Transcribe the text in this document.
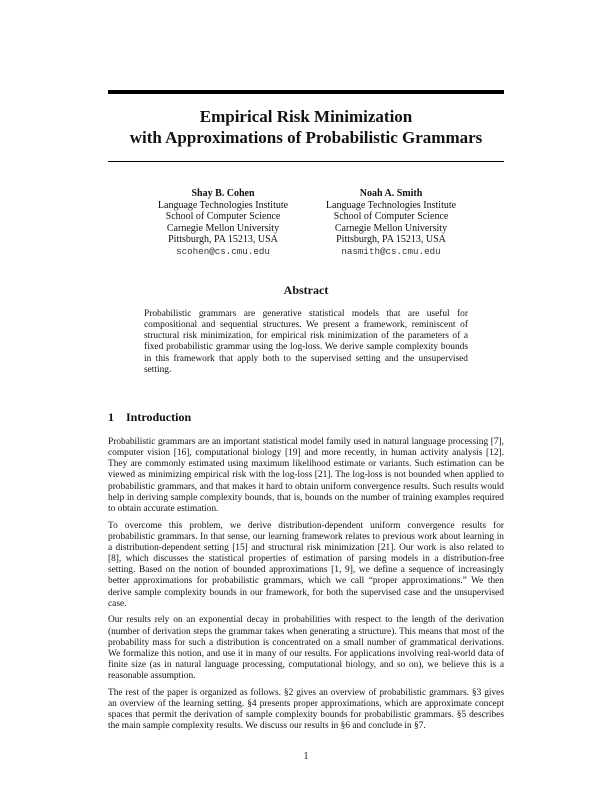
Empirical Risk Minimization
with Approximations of Probabilistic Grammars
Shay B. Cohen
Language Technologies Institute
School of Computer Science
Carnegie Mellon University
Pittsburgh, PA 15213, USA
scohen@cs.cmu.edu
Noah A. Smith
Language Technologies Institute
School of Computer Science
Carnegie Mellon University
Pittsburgh, PA 15213, USA
nasmith@cs.cmu.edu
Abstract
Probabilistic grammars are generative statistical models that are useful for compositional and sequential structures. We present a framework, reminiscent of structural risk minimization, for empirical risk minimization of the parameters of a fixed probabilistic grammar using the log-loss. We derive sample complexity bounds in this framework that apply both to the supervised setting and the unsupervised setting.
1 Introduction

Probabilistic grammars are an important statistical model family used in natural language processing [7], computer vision [16], computational biology [19] and more recently, in human activity analysis [12]. They are commonly estimated using maximum likelihood estimate or variants. Such estimation can be viewed as minimizing empirical risk with the log-loss [21]. The log-loss is not bounded when applied to probabilistic grammars, and that makes it hard to obtain uniform convergence results. Such results would help in deriving sample complexity bounds, that is, bounds on the number of training examples required to obtain accurate estimation.

To overcome this problem, we derive distribution-dependent uniform convergence results for probabilistic grammars. In that sense, our learning framework relates to previous work about learning in a distribution-dependent setting [15] and structural risk minimization [21]. Our work is also related to [8], which discusses the statistical properties of estimation of parsing models in a distribution-free setting. Based on the notion of bounded approximations [1, 9], we define a sequence of increasingly better approximations for probabilistic grammars, which we call “proper approximations.” We then derive sample complexity bounds in our framework, for both the supervised case and the unsupervised case.

Our results rely on an exponential decay in probabilities with respect to the length of the derivation (number of derivation steps the grammar takes when generating a structure). This means that most of the probability mass for such a distribution is concentrated on a small number of grammatical derivations. We formalize this notion, and use it in many of our results. For applications involving real-world data of finite size (as in natural language processing, computational biology, and so on), we believe this is a reasonable assumption.

The rest of the paper is organized as follows. §2 gives an overview of probabilistic grammars. §3 gives an overview of the learning setting. §4 presents proper approximations, which are approximate concept spaces that permit the derivation of sample complexity bounds for probabilistic grammars. §5 describes the main sample complexity results. We discuss our results in §6 and conclude in §7.

1
